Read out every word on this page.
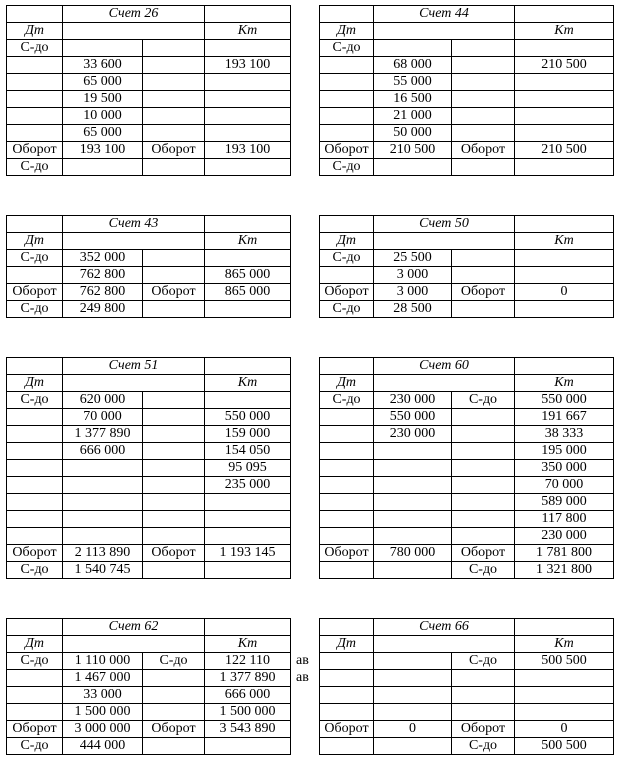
	Счет 26		
Дт			Кт
С-до			
	33 600		193 100
	65 000		
	19 500		
	10 000		
	65 000		
Оборот	193 100	Оборот	193 100
С-до			
	Счет 44		
Дт			Кт
С-до			
	68 000		210 500
	55 000		
	16 500		
	21 000		
	50 000		
Оборот	210 500	Оборот	210 500
С-до			
	Счет 43		
Дт			Кт
С-до	352 000		
	762 800		865 000
Оборот	762 800	Оборот	865 000
С-до	249 800		
	Счет 50		
Дт			Кт
С-до	25 500		
	3 000		
Оборот	3 000	Оборот	0
С-до	28 500		
	Счет 51		
Дт			Кт
С-до	620 000		
	70 000		550 000
	1 377 890		159 000
	666 000		154 050
			95 095
			235 000

Оборот	2 113 890	Оборот	1 193 145
С-до	1 540 745		
	Счет 60		
Дт			Кт
С-до	230 000	С-до	550 000
	550 000		191 667
	230 000		38 333
			195 000
			350 000
			70 000
			589 000
			117 800
			230 000
Оборот	780 000	Оборот	1 781 800
		С-до	1 321 800
	Счет 62		
Дт			Кт
С-до	1 110 000	С-до	122 110
	1 467 000		1 377 890
	33 000		666 000
	1 500 000		1 500 000
Оборот	3 000 000	Оборот	3 543 890
С-до	444 000		
ав
ав
	Счет 66		
Дт			Кт
		С-до	500 500

Оборот	0	Оборот	0
		С-до	500 500
